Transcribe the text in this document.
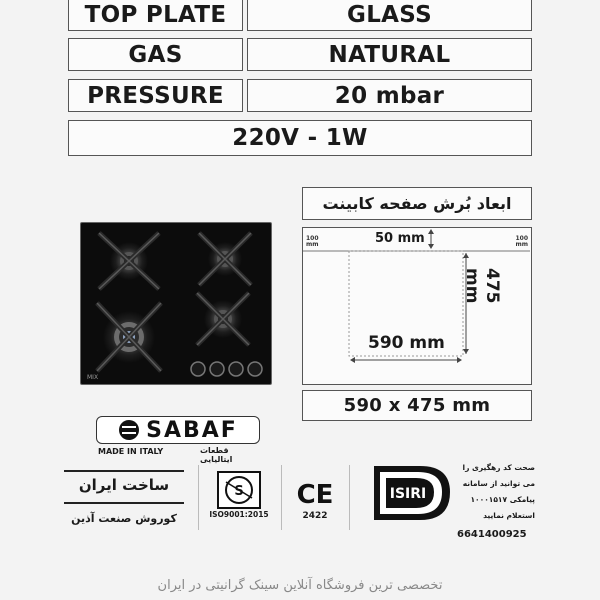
TOP PLATE	GLASS
GAS	NATURAL
PRESSURE	20 mbar
220V - 1W
MIX
ابعاد بُرش صفحه کابینت
100
mm
100
mm
50 mm
475 mm
590 mm
590 x 475 mm
SABAF
MADE IN ITALY	قطعات ایتالیایی
ساخت ایران
کوروش صنعت آذین
S
ISO9001:2015
CE
2422
ISIRI
صحت کد رهگیری را
می توانید از سامانه
پیامکی ۱۰۰۰۱۵۱۷
استعلام نمایید
6641400925
تخصصی ترین فروشگاه آنلاین سینک گرانیتی در ایران
